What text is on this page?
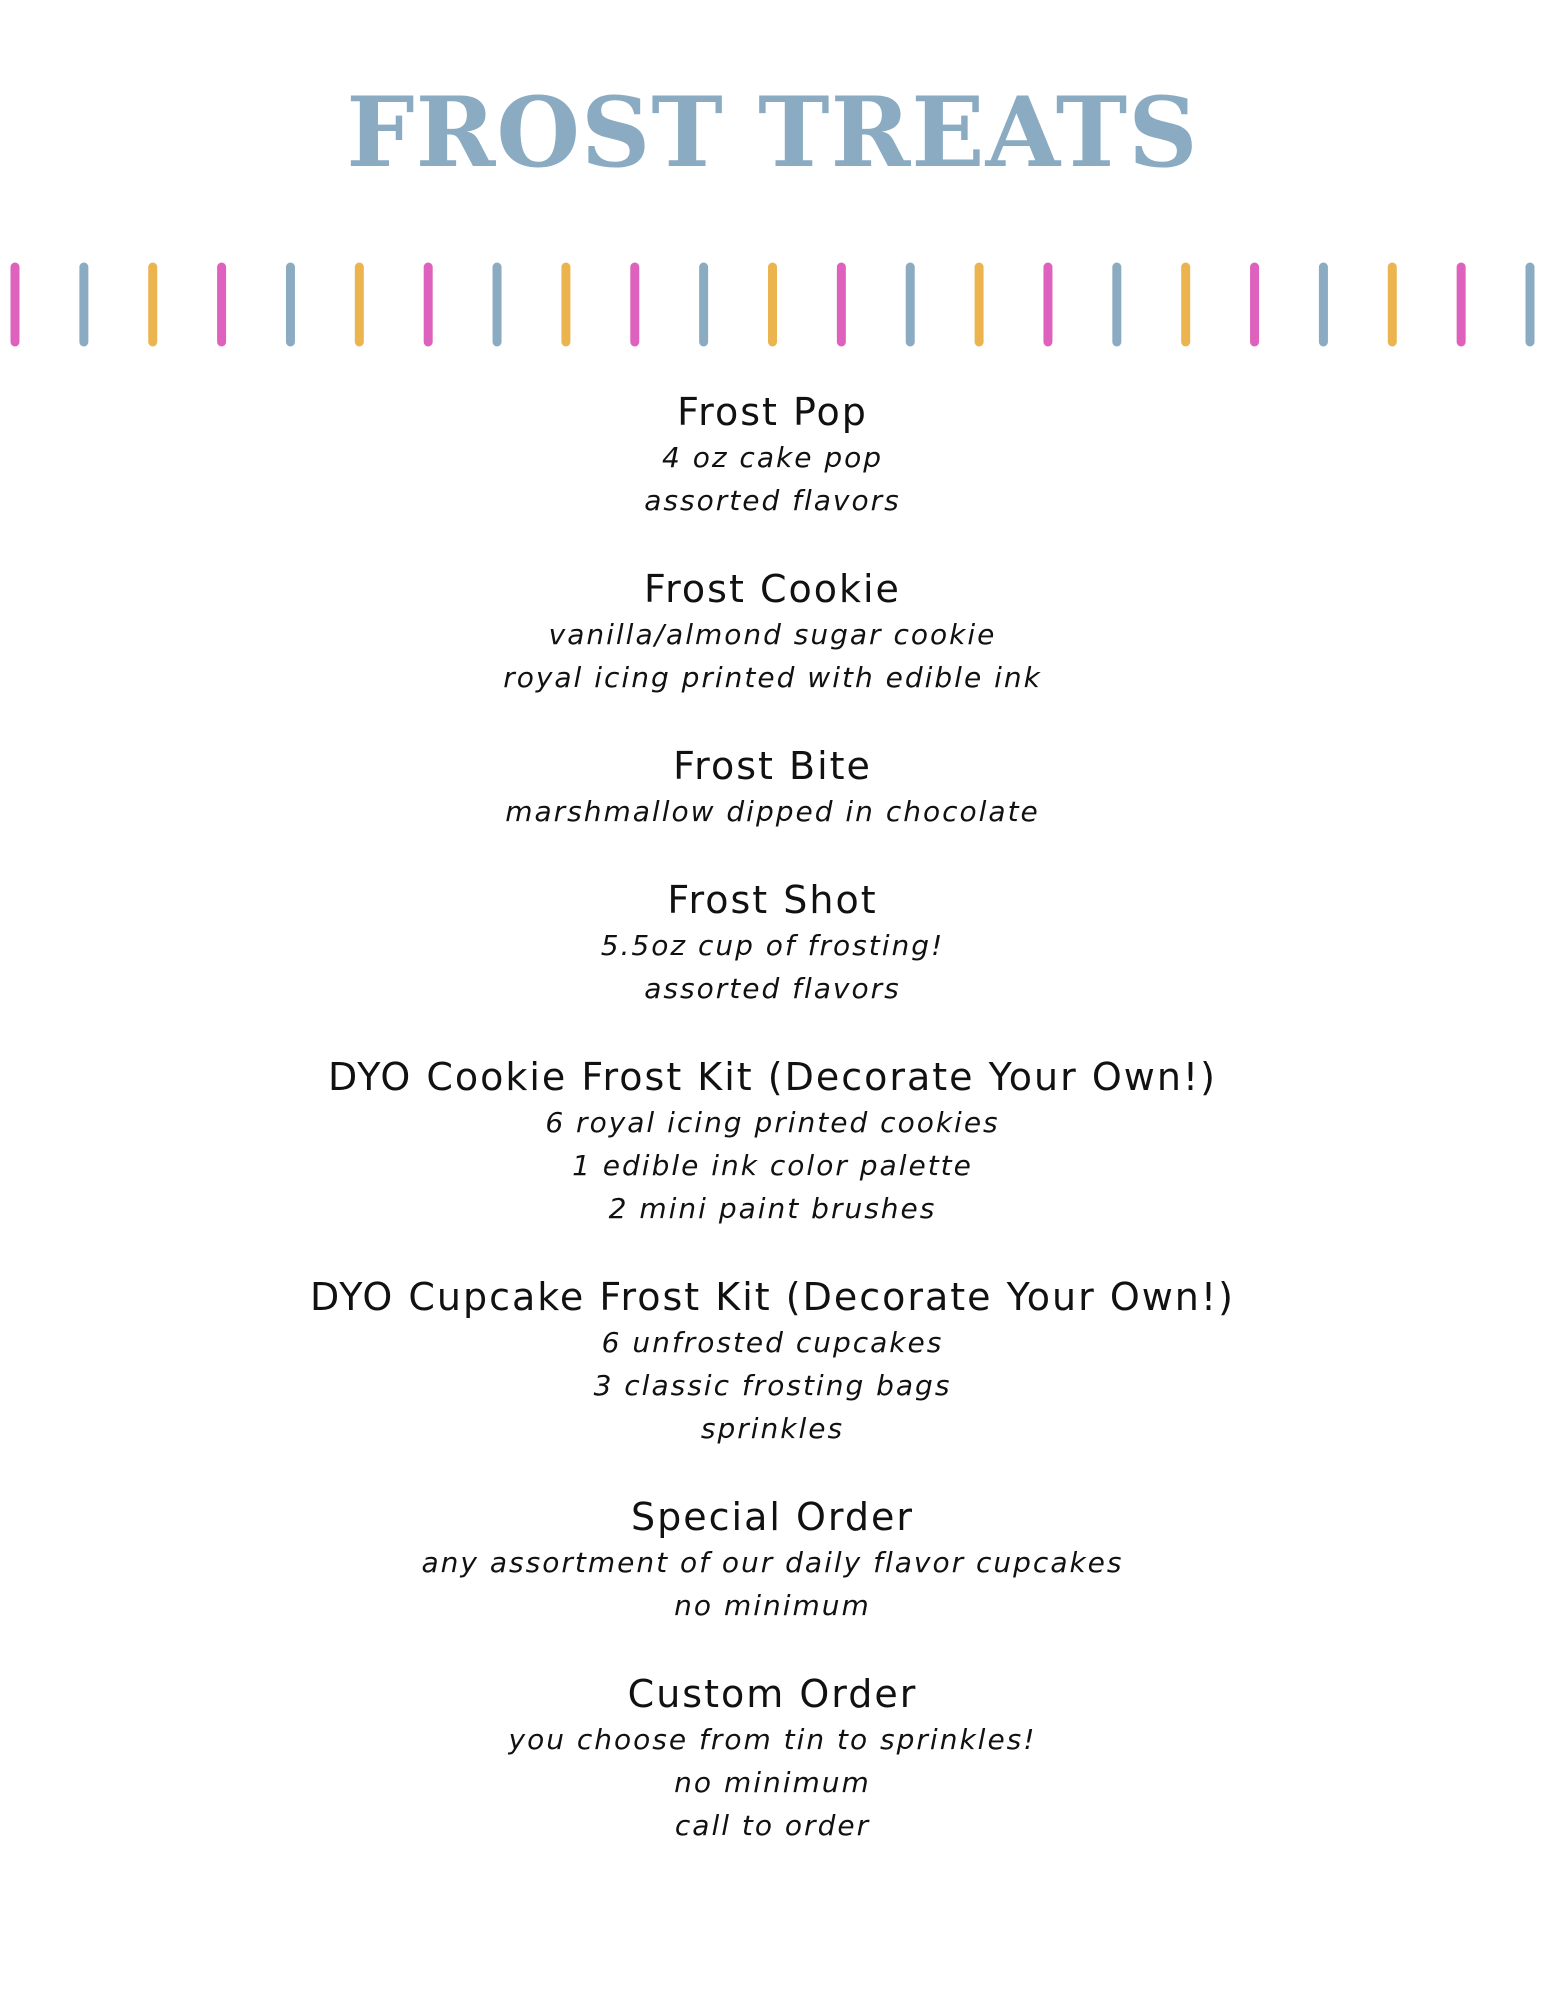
FROST TREATS
Frost Pop
4 oz cake pop
assorted flavors
Frost Cookie
vanilla/almond sugar cookie
royal icing printed with edible ink
Frost Bite
marshmallow dipped in chocolate
Frost Shot
5.5oz cup of frosting!
assorted flavors
DYO Cookie Frost Kit (Decorate Your Own!)
6 royal icing printed cookies
1 edible ink color palette
2 mini paint brushes
DYO Cupcake Frost Kit (Decorate Your Own!)
6 unfrosted cupcakes
3 classic frosting bags
sprinkles
Special Order
any assortment of our daily flavor cupcakes
no minimum
Custom Order
you choose from tin to sprinkles!
no minimum
call to order
